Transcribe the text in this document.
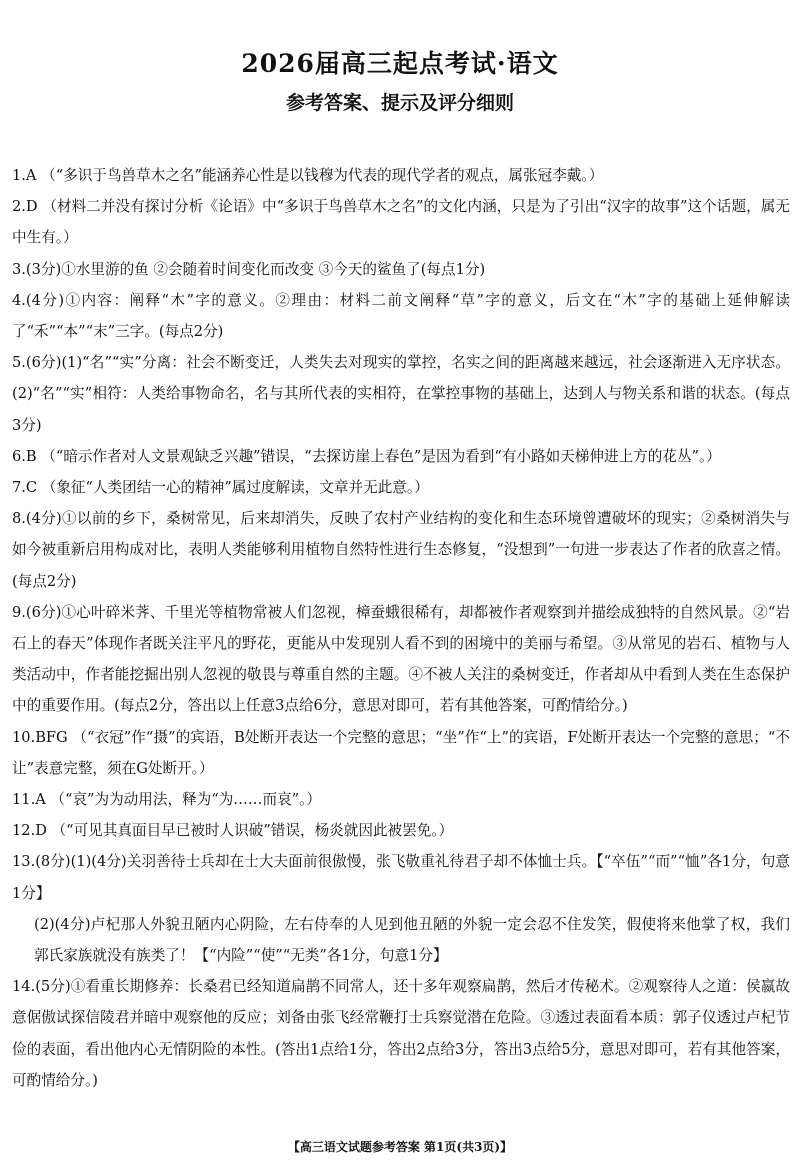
2026届高三起点考试·语文
参考答案、提示及评分细则

1.A （“多识于鸟兽草木之名”能涵养心性是以钱穆为代表的现代学者的观点，属张冠李戴。）

2.D （材料二并没有探讨分析《论语》中“多识于鸟兽草木之名”的文化内涵，只是为了引出“汉字的故事”这个话题，属无中生有。）

3.(3分)①水里游的鱼 ②会随着时间变化而改变 ③今天的鲨鱼了(每点1分)

4.(4分)①内容：阐释“木”字的意义。②理由：材料二前文阐释“草”字的意义，后文在“木”字的基础上延伸解读了“禾”“本”“末”三字。(每点2分)

5.(6分)(1)“名”“实”分离：社会不断变迁，人类失去对现实的掌控，名实之间的距离越来越远，社会逐渐进入无序状态。(2)“名”“实”相符：人类给事物命名，名与其所代表的实相符，在掌控事物的基础上，达到人与物关系和谐的状态。(每点3分)

6.B （“暗示作者对人文景观缺乏兴趣”错误，“去探访崖上春色”是因为看到“有小路如天梯伸进上方的花丛”。）

7.C （象征“人类团结一心的精神”属过度解读，文章并无此意。）

8.(4分)①以前的乡下，桑树常见，后来却消失，反映了农村产业结构的变化和生态环境曾遭破坏的现实；②桑树消失与如今被重新启用构成对比，表明人类能够利用植物自然特性进行生态修复，“没想到”一句进一步表达了作者的欣喜之情。(每点2分)

9.(6分)①心叶碎米荠、千里光等植物常被人们忽视，樟蚕蛾很稀有，却都被作者观察到并描绘成独特的自然风景。②“岩石上的春天”体现作者既关注平凡的野花，更能从中发现别人看不到的困境中的美丽与希望。③从常见的岩石、植物与人类活动中，作者能挖掘出别人忽视的敬畏与尊重自然的主题。④不被人关注的桑树变迁，作者却从中看到人类在生态保护中的重要作用。(每点2分，答出以上任意3点给6分，意思对即可，若有其他答案，可酌情给分。)

10.BFG （“衣冠”作“摄”的宾语，B处断开表达一个完整的意思；“坐”作“上”的宾语，F处断开表达一个完整的意思；“不让”表意完整，须在G处断开。）

11.A （“哀”为为动用法，释为“为……而哀”。）

12.D （“可见其真面目早已被时人识破”错误，杨炎就因此被罢免。）

13.(8分)(1)(4分)关羽善待士兵却在士大夫面前很傲慢，张飞敬重礼待君子却不体恤士兵。【“卒伍”“而”“恤”各1分，句意1分】

(2)(4分)卢杞那人外貌丑陋内心阴险，左右侍奉的人见到他丑陋的外貌一定会忍不住发笑，假使将来他掌了权，我们郭氏家族就没有族类了！【“内险”“使”“无类”各1分，句意1分】

14.(5分)①看重长期修养：长桑君已经知道扁鹊不同常人，还十多年观察扁鹊，然后才传秘术。②观察待人之道：侯嬴故意倨傲试探信陵君并暗中观察他的反应；刘备由张飞经常鞭打士兵察觉潜在危险。③透过表面看本质：郭子仪透过卢杞节俭的表面，看出他内心无情阴险的本性。(答出1点给1分，答出2点给3分，答出3点给5分，意思对即可，若有其他答案，可酌情给分。)

【高三语文试题参考答案 第1页(共3页)】
